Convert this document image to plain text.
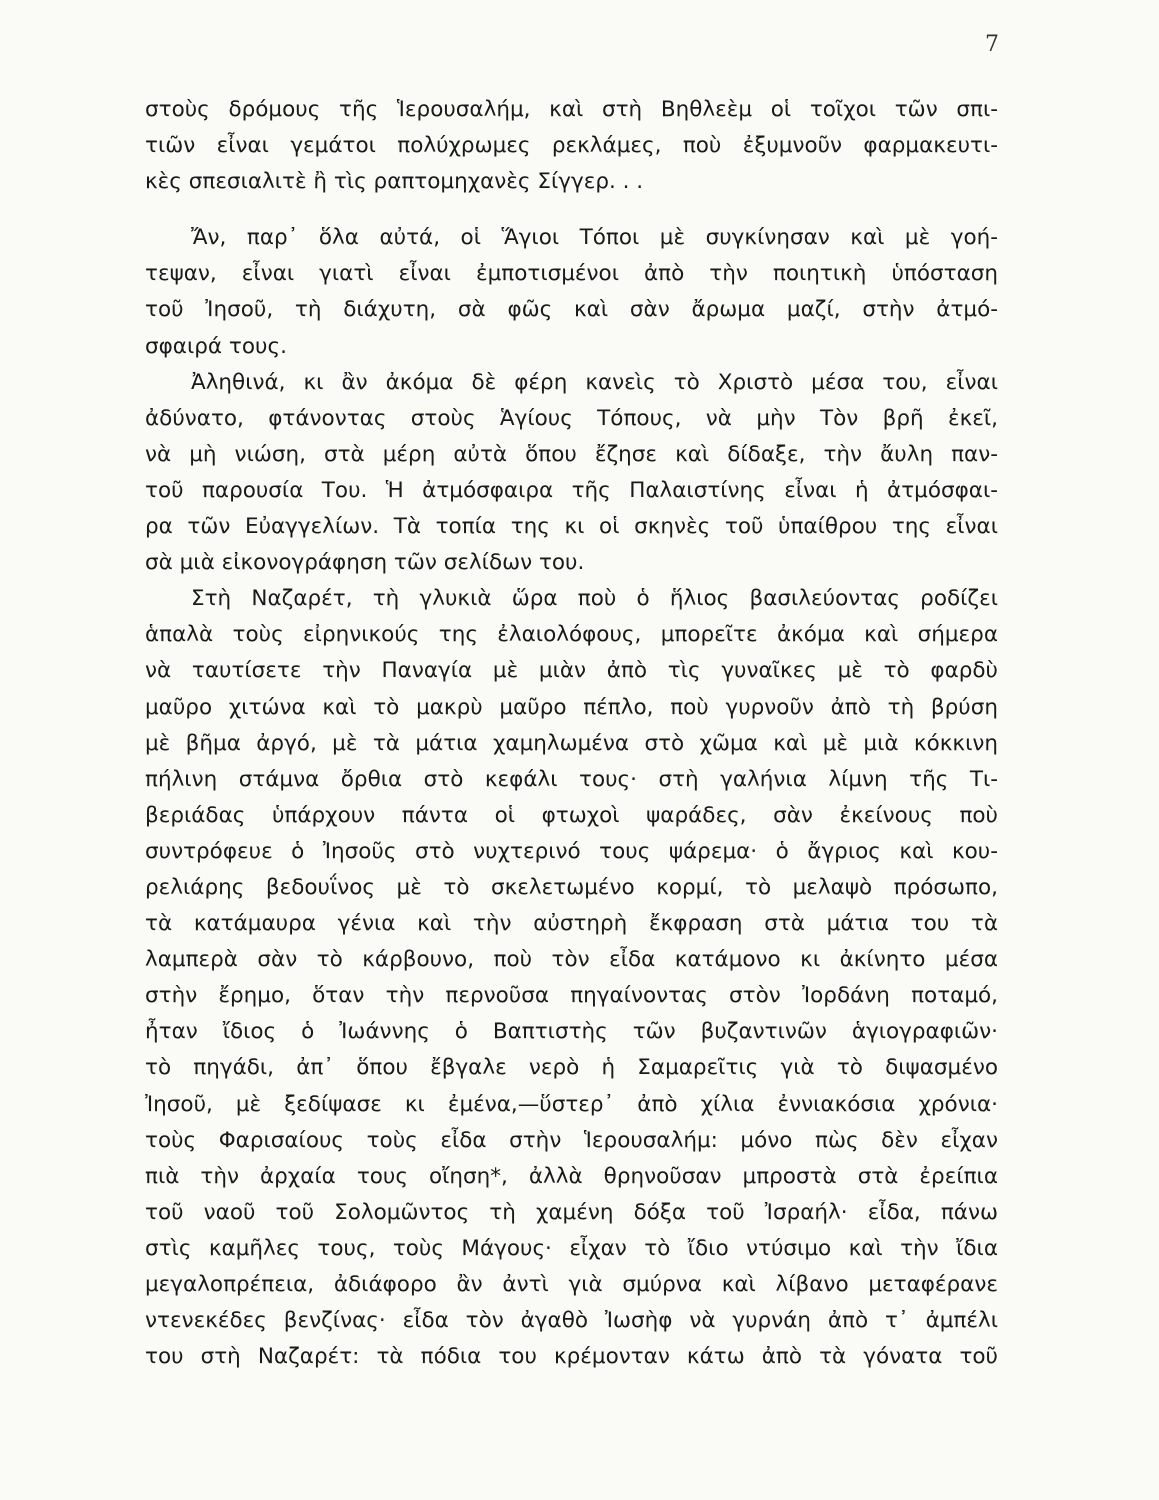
7
στοὺς δρόμους τῆς Ἱερουσαλήμ, καὶ στὴ Βηθλεὲμ οἱ τοῖχοι τῶν σπι-
τιῶν εἶναι γεμάτοι πολύχρωμες ρεκλάμες, ποὺ ἐξυμνοῦν φαρμακευτι-
κὲς σπεσιαλιτὲ ἢ τὶς ραπτομηχανὲς Σίγγερ. . .
Ἄν, παρ᾿ ὅλα αὐτά, οἱ Ἅγιοι Τόποι μὲ συγκίνησαν καὶ μὲ γοή-
τεψαν, εἶναι γιατὶ εἶναι ἐμποτισμένοι ἀπὸ τὴν ποιητικὴ ὑπόσταση
τοῦ Ἰησοῦ, τὴ διάχυτη, σὰ φῶς καὶ σὰν ἄρωμα μαζί, στὴν ἀτμό-
σφαιρά τους.
Ἀληθινά, κι ἂν ἀκόμα δὲ φέρη κανεὶς τὸ Χριστὸ μέσα του, εἶναι
ἀδύνατο, φτάνοντας στοὺς Ἁγίους Τόπους, νὰ μὴν Τὸν βρῆ ἐκεῖ,
νὰ μὴ νιώση, στὰ μέρη αὐτὰ ὅπου ἔζησε καὶ δίδαξε, τὴν ἄυλη παν-
τοῦ παρουσία Του. Ἡ ἀτμόσφαιρα τῆς Παλαιστίνης εἶναι ἡ ἀτμόσφαι-
ρα τῶν Εὐαγγελίων. Τὰ τοπία της κι οἱ σκηνὲς τοῦ ὑπαίθρου της εἶναι
σὰ μιὰ εἰκονογράφηση τῶν σελίδων του.
Στὴ Ναζαρέτ, τὴ γλυκιὰ ὥρα ποὺ ὁ ἥλιος βασιλεύοντας ροδίζει
ἁπαλὰ τοὺς εἰρηνικούς της ἐλαιολόφους, μπορεῖτε ἀκόμα καὶ σήμερα
νὰ ταυτίσετε τὴν Παναγία μὲ μιὰν ἀπὸ τὶς γυναῖκες μὲ τὸ φαρδὺ
μαῦρο χιτώνα καὶ τὸ μακρὺ μαῦρο πέπλο, ποὺ γυρνοῦν ἀπὸ τὴ βρύση
μὲ βῆμα ἀργό, μὲ τὰ μάτια χαμηλωμένα στὸ χῶμα καὶ μὲ μιὰ κόκκινη
πήλινη στάμνα ὄρθια στὸ κεφάλι τους· στὴ γαλήνια λίμνη τῆς Τι-
βεριάδας ὑπάρχουν πάντα οἱ φτωχοὶ ψαράδες, σὰν ἐκείνους ποὺ
συντρόφευε ὁ Ἰησοῦς στὸ νυχτερινό τους ψάρεμα· ὁ ἄγριος καὶ κου-
ρελιάρης βεδουΐνος μὲ τὸ σκελετωμένο κορμί, τὸ μελαψὸ πρόσωπο,
τὰ κατάμαυρα γένια καὶ τὴν αὐστηρὴ ἔκφραση στὰ μάτια του τὰ
λαμπερὰ σὰν τὸ κάρβουνο, ποὺ τὸν εἶδα κατάμονο κι ἀκίνητο μέσα
στὴν ἔρημο, ὅταν τὴν περνοῦσα πηγαίνοντας στὸν Ἰορδάνη ποταμό,
ἦταν ἴδιος ὁ Ἰωάννης ὁ Βαπτιστὴς τῶν βυζαντινῶν ἁγιογραφιῶν·
τὸ πηγάδι, ἀπ᾿ ὅπου ἔβγαλε νερὸ ἡ Σαμαρεῖτις γιὰ τὸ διψασμένο
Ἰησοῦ, μὲ ξεδίψασε κι ἐμένα,—ὕστερ᾿ ἀπὸ χίλια ἐννιακόσια χρόνια·
τοὺς Φαρισαίους τοὺς εἶδα στὴν Ἱερουσαλήμ: μόνο πὼς δὲν εἶχαν
πιὰ τὴν ἀρχαία τους οἴηση*, ἀλλὰ θρηνοῦσαν μπροστὰ στὰ ἐρείπια
τοῦ ναοῦ τοῦ Σολομῶντος τὴ χαμένη δόξα τοῦ Ἰσραήλ· εἶδα, πάνω
στὶς καμῆλες τους, τοὺς Μάγους· εἶχαν τὸ ἴδιο ντύσιμο καὶ τὴν ἴδια
μεγαλοπρέπεια, ἀδιάφορο ἂν ἀντὶ γιὰ σμύρνα καὶ λίβανο μεταφέρανε
ντενεκέδες βενζίνας· εἶδα τὸν ἀγαθὸ Ἰωσὴφ νὰ γυρνάη ἀπὸ τ᾿ ἀμπέλι
του στὴ Ναζαρέτ: τὰ πόδια του κρέμονταν κάτω ἀπὸ τὰ γόνατα τοῦ
